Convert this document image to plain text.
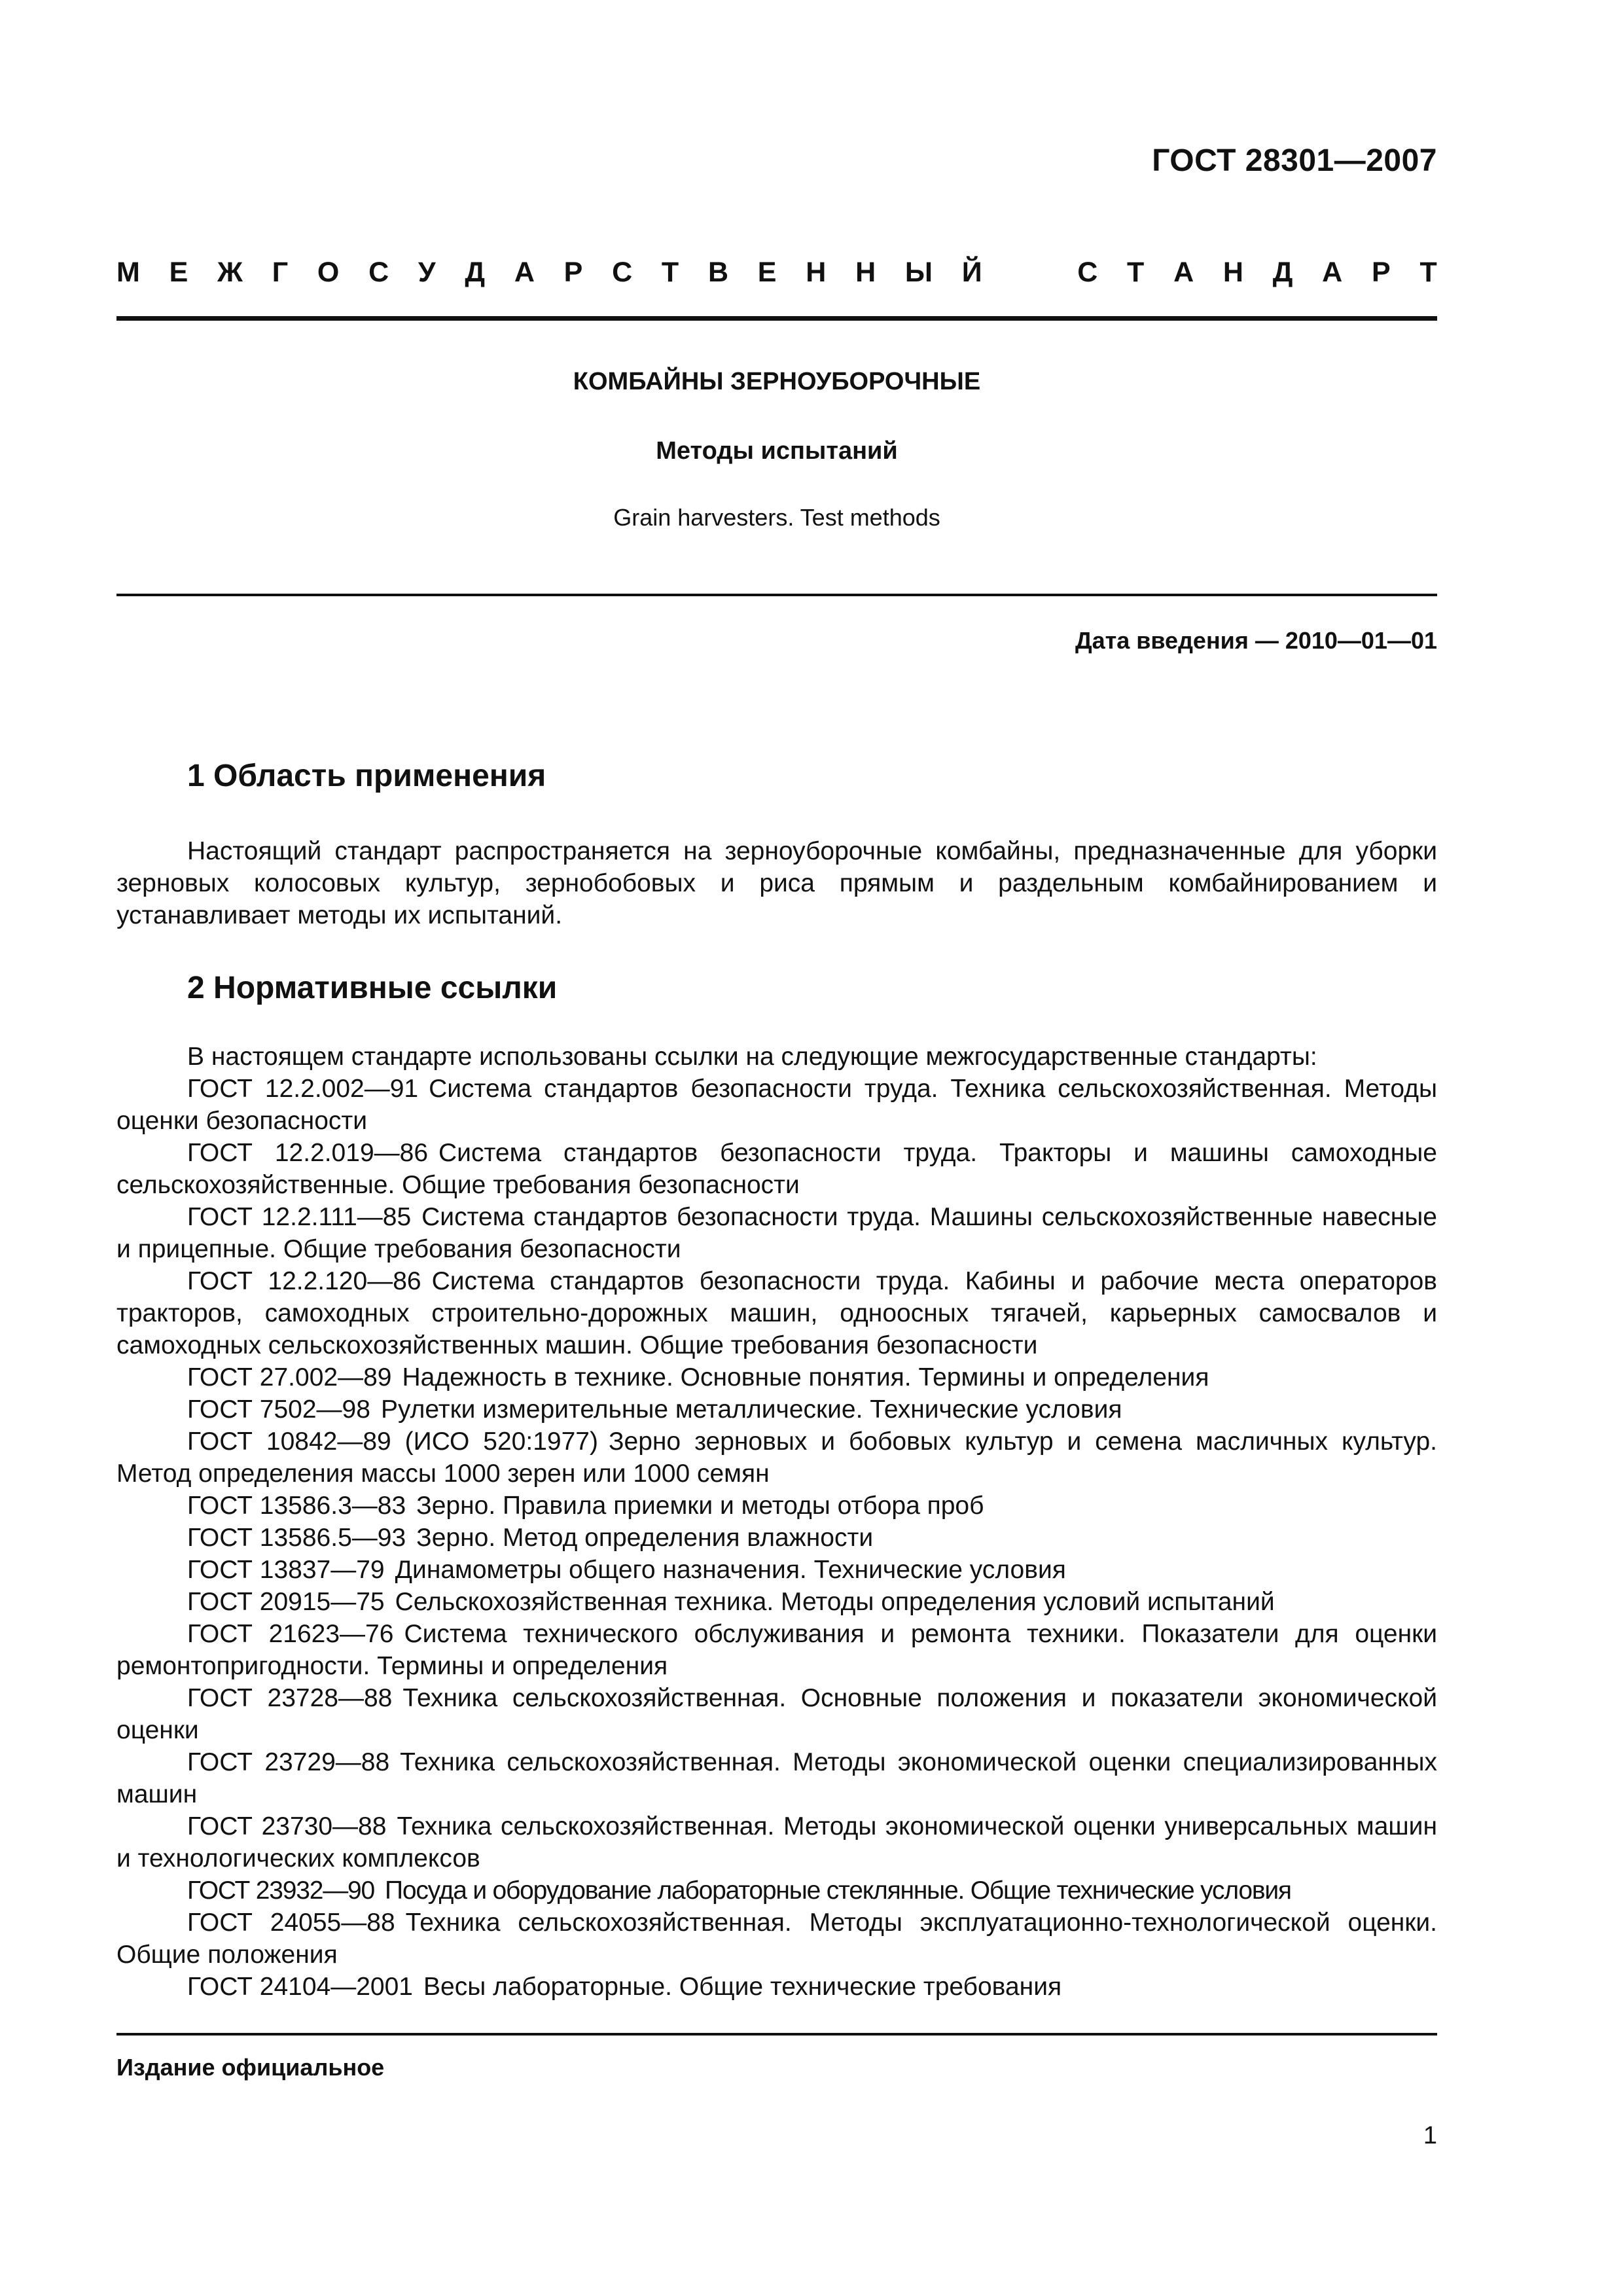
ГОСТ 28301—2007
М Е Ж Г О С У Д А Р С Т В Е Н Н Ы Й	С Т А Н Д А Р Т
КОМБАЙНЫ ЗЕРНОУБОРОЧНЫЕ
Методы испытаний
Grain harvesters. Test methods
Дата введения — 2010—01—01
1 Область применения

Настоящий стандарт распространяется на зерноуборочные комбайны, предназначенные для уборки зерновых колосовых культур, зернобобовых и риса прямым и раздельным комбайнированием и устанавливает методы их испытаний.

2 Нормативные ссылки

В настоящем стандарте использованы ссылки на следующие межгосударственные стандарты:

ГОСТ 12.2.002—91 Система стандартов безопасности труда. Техника сельскохозяйственная. Методы оценки безопасности

ГОСТ 12.2.019—86 Система стандартов безопасности труда. Тракторы и машины самоходные сельскохозяйственные. Общие требования безопасности

ГОСТ 12.2.111—85 Система стандартов безопасности труда. Машины сельскохозяйственные навесные и прицепные. Общие требования безопасности

ГОСТ 12.2.120—86 Система стандартов безопасности труда. Кабины и рабочие места операторов тракторов, самоходных строительно-дорожных машин, одноосных тягачей, карьерных самосвалов и самоходных сельскохозяйственных машин. Общие требования безопасности

ГОСТ 27.002—89 Надежность в технике. Основные понятия. Термины и определения

ГОСТ 7502—98 Рулетки измерительные металлические. Технические условия

ГОСТ 10842—89 (ИСО 520:1977) Зерно зерновых и бобовых культур и семена масличных культур. Метод определения массы 1000 зерен или 1000 семян

ГОСТ 13586.3—83 Зерно. Правила приемки и методы отбора проб

ГОСТ 13586.5—93 Зерно. Метод определения влажности

ГОСТ 13837—79 Динамометры общего назначения. Технические условия

ГОСТ 20915—75 Сельскохозяйственная техника. Методы определения условий испытаний

ГОСТ 21623—76 Система технического обслуживания и ремонта техники. Показатели для оценки ремонтопригодности. Термины и определения

ГОСТ 23728—88 Техника сельскохозяйственная. Основные положения и показатели экономической оценки

ГОСТ 23729—88 Техника сельскохозяйственная. Методы экономической оценки специализированных машин

ГОСТ 23730—88 Техника сельскохозяйственная. Методы экономической оценки универсальных машин и технологических комплексов

ГОСТ 23932—90 Посуда и оборудование лабораторные стеклянные. Общие технические условия

ГОСТ 24055—88 Техника сельскохозяйственная. Методы эксплуатационно-технологической оценки. Общие положения

ГОСТ 24104—2001 Весы лабораторные. Общие технические требования

Издание официальное
1
